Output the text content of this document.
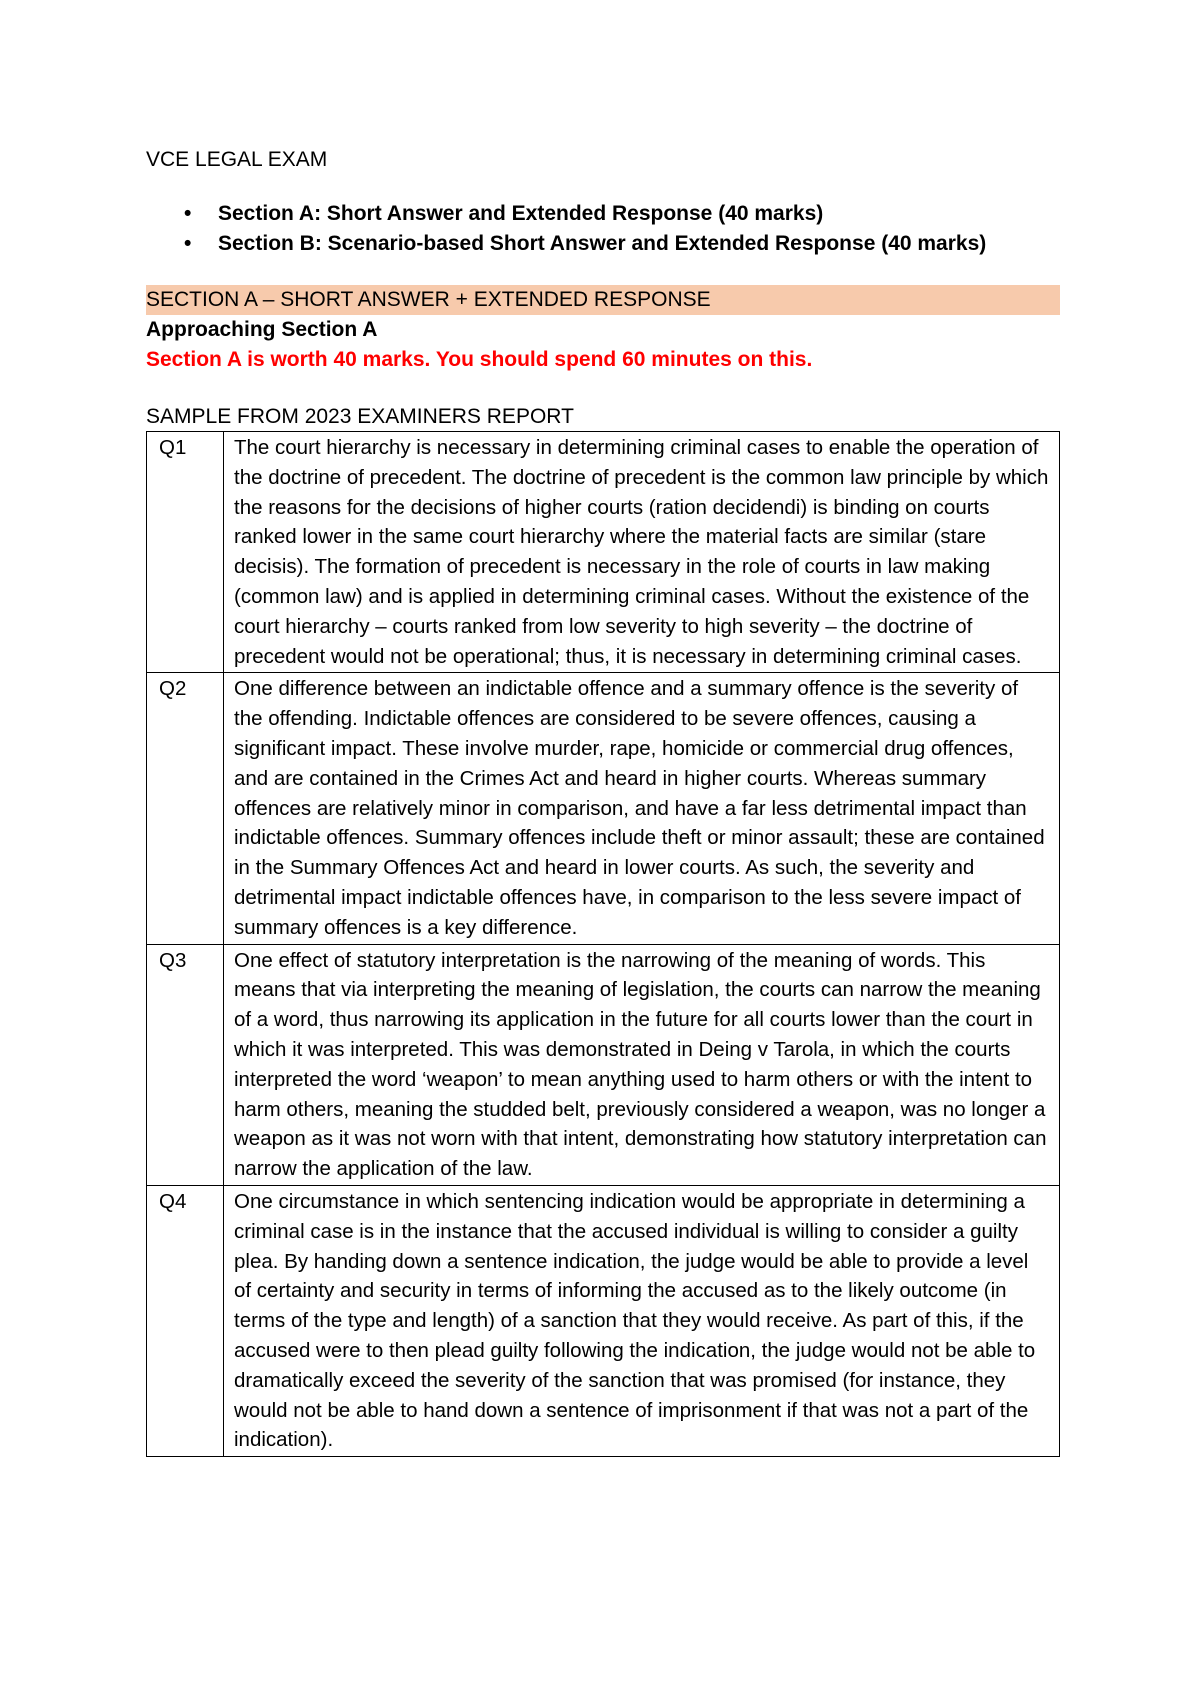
VCE LEGAL EXAM
• Section A: Short Answer and Extended Response (40 marks)
• Section B: Scenario-based Short Answer and Extended Response (40 marks)
SECTION A – SHORT ANSWER + EXTENDED RESPONSE
Approaching Section A
Section A is worth 40 marks. You should spend 60 minutes on this.
SAMPLE FROM 2023 EXAMINERS REPORT
Q1	The court hierarchy is necessary in determining criminal cases to enable the operation of the doctrine of precedent. The doctrine of precedent is the common law principle by which the reasons for the decisions of higher courts (ration decidendi) is binding on courts ranked lower in the same court hierarchy where the material facts are similar (stare decisis). The formation of precedent is necessary in the role of courts in law making (common law) and is applied in determining criminal cases. Without the existence of the court hierarchy – courts ranked from low severity to high severity – the doctrine of precedent would not be operational; thus, it is necessary in determining criminal cases.
Q2	One difference between an indictable offence and a summary offence is the severity of the offending. Indictable offences are considered to be severe offences, causing a significant impact. These involve murder, rape, homicide or commercial drug offences, and are contained in the Crimes Act and heard in higher courts. Whereas summary offences are relatively minor in comparison, and have a far less detrimental impact than indictable offences. Summary offences include theft or minor assault; these are contained in the Summary Offences Act and heard in lower courts. As such, the severity and detrimental impact indictable offences have, in comparison to the less severe impact of summary offences is a key difference.
Q3	One effect of statutory interpretation is the narrowing of the meaning of words. This means that via interpreting the meaning of legislation, the courts can narrow the meaning of a word, thus narrowing its application in the future for all courts lower than the court in which it was interpreted. This was demonstrated in Deing v Tarola, in which the courts interpreted the word ‘weapon’ to mean anything used to harm others or with the intent to harm others, meaning the studded belt, previously considered a weapon, was no longer a weapon as it was not worn with that intent, demonstrating how statutory interpretation can narrow the application of the law.
Q4	One circumstance in which sentencing indication would be appropriate in determining a criminal case is in the instance that the accused individual is willing to consider a guilty plea. By handing down a sentence indication, the judge would be able to provide a level of certainty and security in terms of informing the accused as to the likely outcome (in terms of the type and length) of a sanction that they would receive. As part of this, if the accused were to then plead guilty following the indication, the judge would not be able to dramatically exceed the severity of the sanction that was promised (for instance, they would not be able to hand down a sentence of imprisonment if that was not a part of the indication).
